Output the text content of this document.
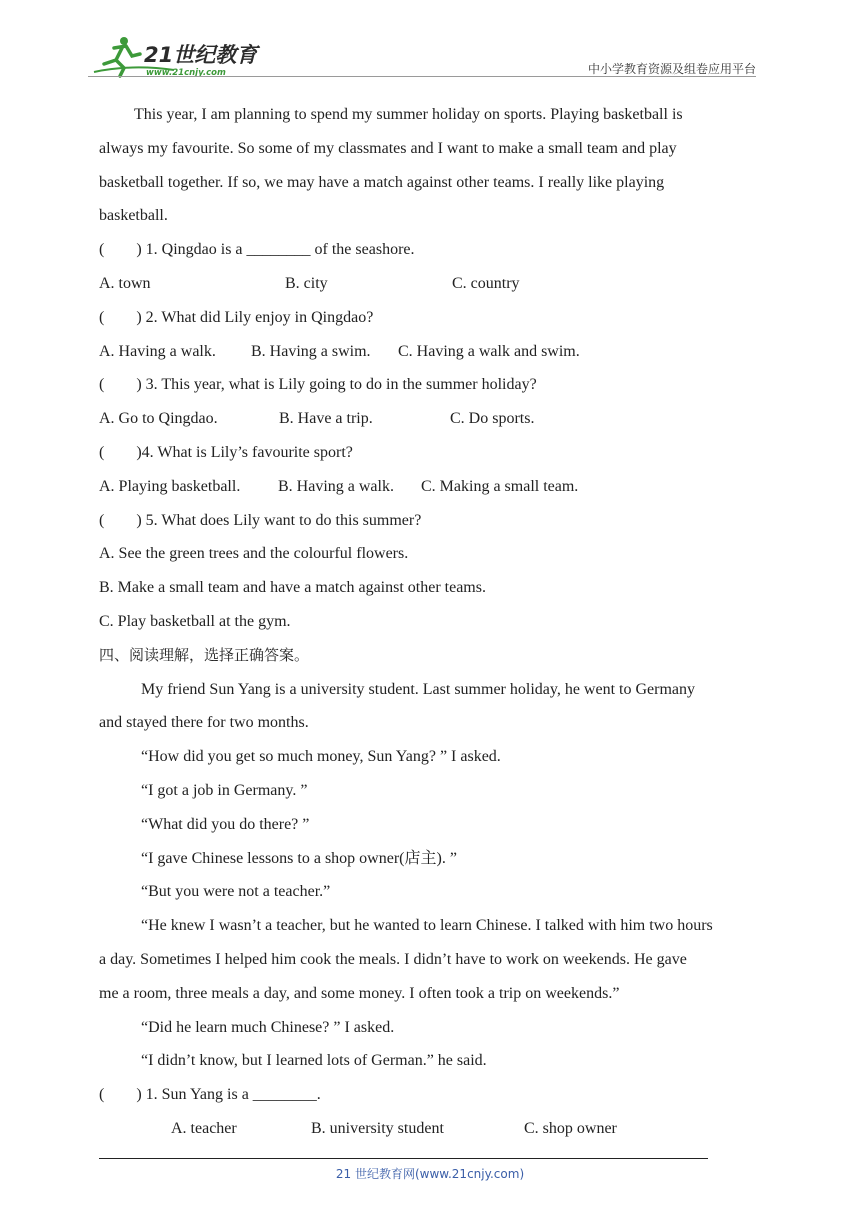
21世纪教育
www.21cnjy.com	中小学教育资源及组卷应用平台
This year, I am planning to spend my summer holiday on sports. Playing basketball is
always my favourite. So some of my classmates and I want to make a small team and play
basketball together. If so, we may have a match against other teams. I really like playing
basketball.
(        ) 1. Qingdao is a ________ of the seashore.
A. town	B. city	C. country
(        ) 2. What did Lily enjoy in Qingdao?
A. Having a walk. B. Having a swim. C. Having a walk and swim.
(        ) 3. This year, what is Lily going to do in the summer holiday?
A. Go to Qingdao.	B. Have a trip.	C. Do sports.
(        )4. What is Lily’s favourite sport?
A. Playing basketball. B. Having a walk. C. Making a small team.
(        ) 5. What does Lily want to do this summer?
A. See the green trees and the colourful flowers.
B. Make a small team and have a match against other teams.
C. Play basketball at the gym.
四、阅读理解，选择正确答案。
My friend Sun Yang is a university student. Last summer holiday, he went to Germany
and stayed there for two months.
“How did you get so much money, Sun Yang? ” I asked.
“I got a job in Germany. ”
“What did you do there? ”
“I gave Chinese lessons to a shop owner(店主). ”
“But you were not a teacher.”
“He knew I wasn’t a teacher, but he wanted to learn Chinese. I talked with him two hours
a day. Sometimes I helped him cook the meals. I didn’t have to work on weekends. He gave
me a room, three meals a day, and some money. I often took a trip on weekends.”
“Did he learn much Chinese? ” I asked.
“I didn’t know, but I learned lots of German.” he said.
(        ) 1. Sun Yang is a ________.
A. teacher	B. university student	C. shop owner
21 世纪教育网(www.21cnjy.com)
